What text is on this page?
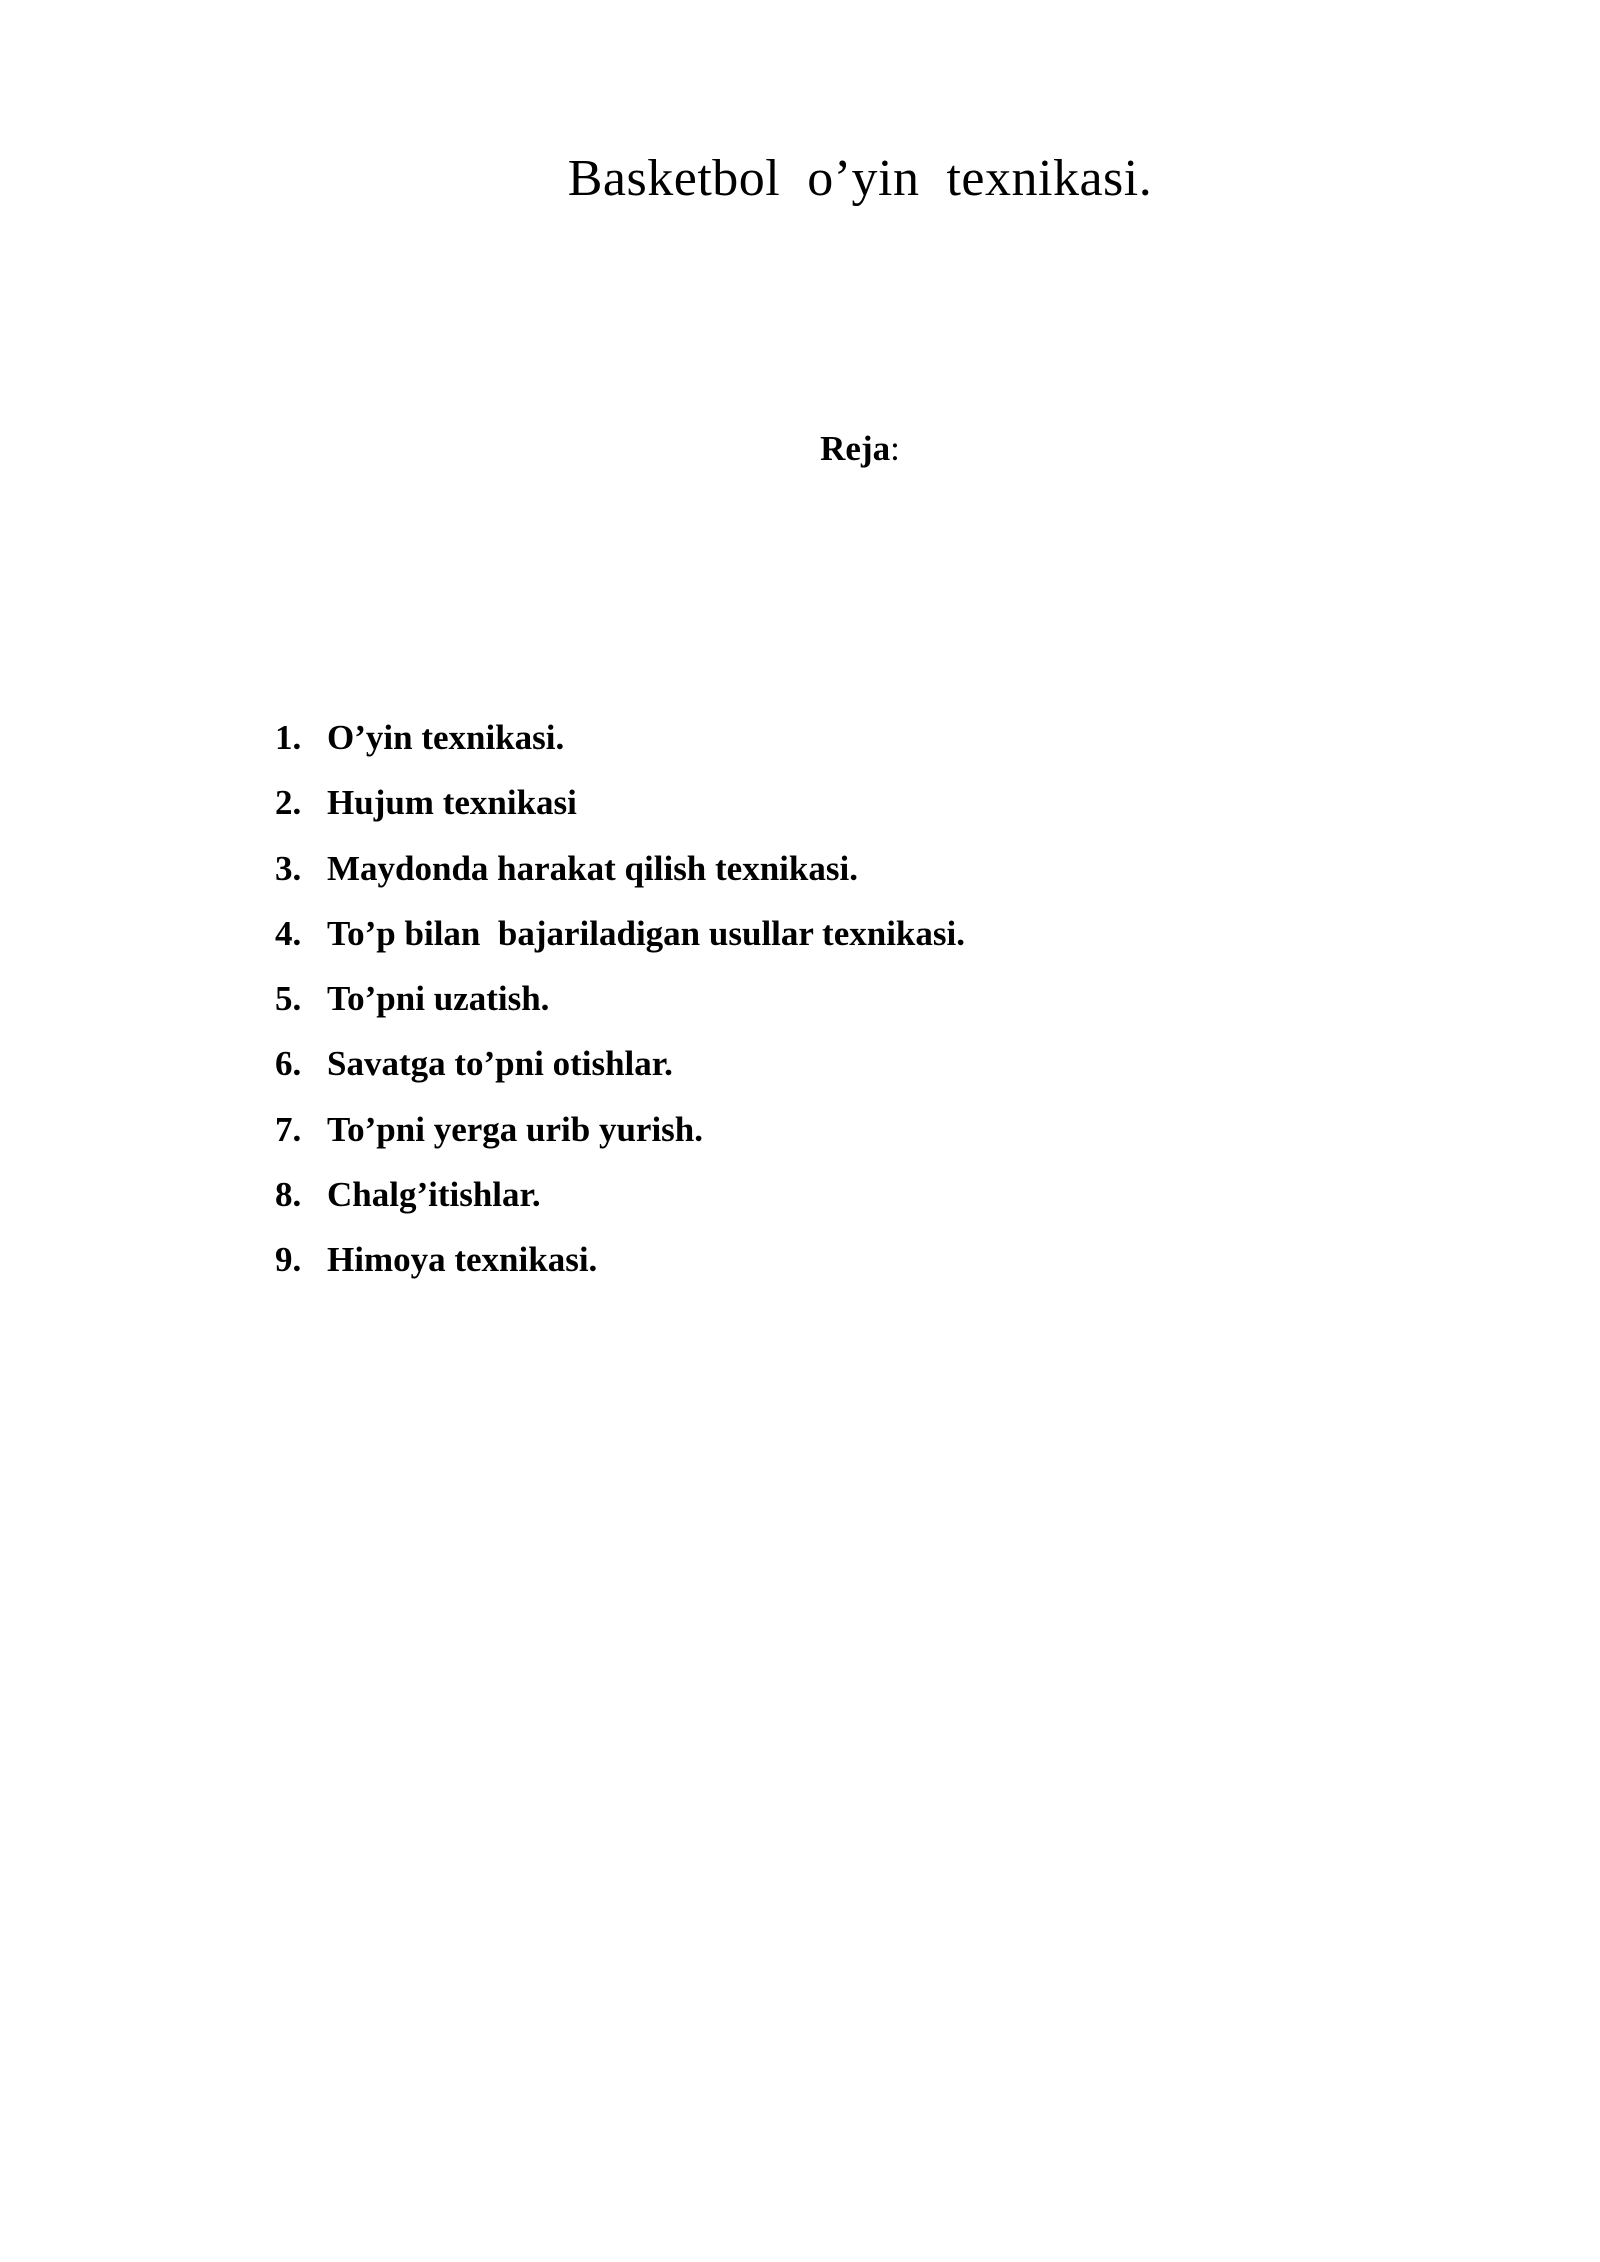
Basketbol  o’yin  texnikasi.
Reja:
1. O’yin texnikasi.
2. Hujum texnikasi
3. Maydonda harakat qilish texnikasi.
4. To’p bilan  bajariladigan usullar texnikasi.
5. To’pni uzatish.
6. Savatga to’pni otishlar.
7. To’pni yerga urib yurish.
8. Chalg’itishlar.
9. Himoya texnikasi.
